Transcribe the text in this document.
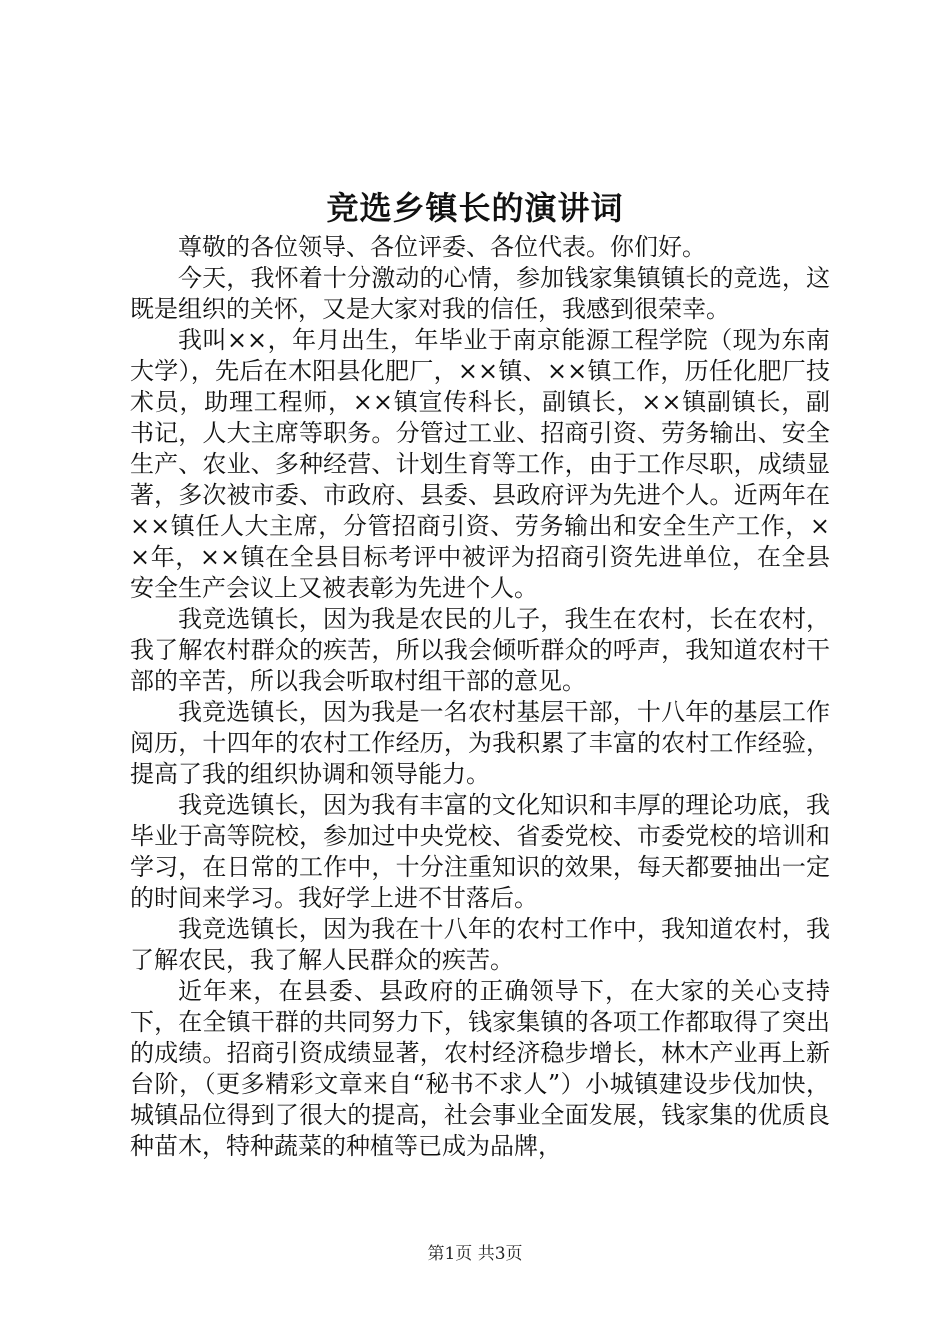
竞选乡镇长的演讲词

尊敬的各位领导、各位评委、各位代表。你们好。

今天，我怀着十分激动的心情，参加钱家集镇镇长的竞选，这既是组织的关怀，又是大家对我的信任，我感到很荣幸。

我叫××，年月出生，年毕业于南京能源工程学院（现为东南大学），先后在木阳县化肥厂，××镇、××镇工作，历任化肥厂技术员，助理工程师，××镇宣传科长，副镇长，××镇副镇长，副书记，人大主席等职务。分管过工业、招商引资、劳务输出、安全生产、农业、多种经营、计划生育等工作，由于工作尽职，成绩显著，多次被市委、市政府、县委、县政府评为先进个人。近两年在××镇任人大主席，分管招商引资、劳务输出和安全生产工作，××年，××镇在全县目标考评中被评为招商引资先进单位，在全县安全生产会议上又被表彰为先进个人。

我竞选镇长，因为我是农民的儿子，我生在农村，长在农村，我了解农村群众的疾苦，所以我会倾听群众的呼声，我知道农村干部的辛苦，所以我会听取村组干部的意见。

我竞选镇长，因为我是一名农村基层干部，十八年的基层工作阅历，十四年的农村工作经历，为我积累了丰富的农村工作经验，提高了我的组织协调和领导能力。

我竞选镇长，因为我有丰富的文化知识和丰厚的理论功底，我毕业于高等院校，参加过中央党校、省委党校、市委党校的培训和学习，在日常的工作中，十分注重知识的效果，每天都要抽出一定的时间来学习。我好学上进不甘落后。

我竞选镇长，因为我在十八年的农村工作中，我知道农村，我了解农民，我了解人民群众的疾苦。

近年来，在县委、县政府的正确领导下，在大家的关心支持下，在全镇干群的共同努力下，钱家集镇的各项工作都取得了突出的成绩。招商引资成绩显著，农村经济稳步增长，林木产业再上新台阶，（更多精彩文章来自“秘书不求人”）小城镇建设步伐加快，城镇品位得到了很大的提高，社会事业全面发展，钱家集的优质良种苗木，特种蔬菜的种植等已成为品牌，

第1页 共3页
